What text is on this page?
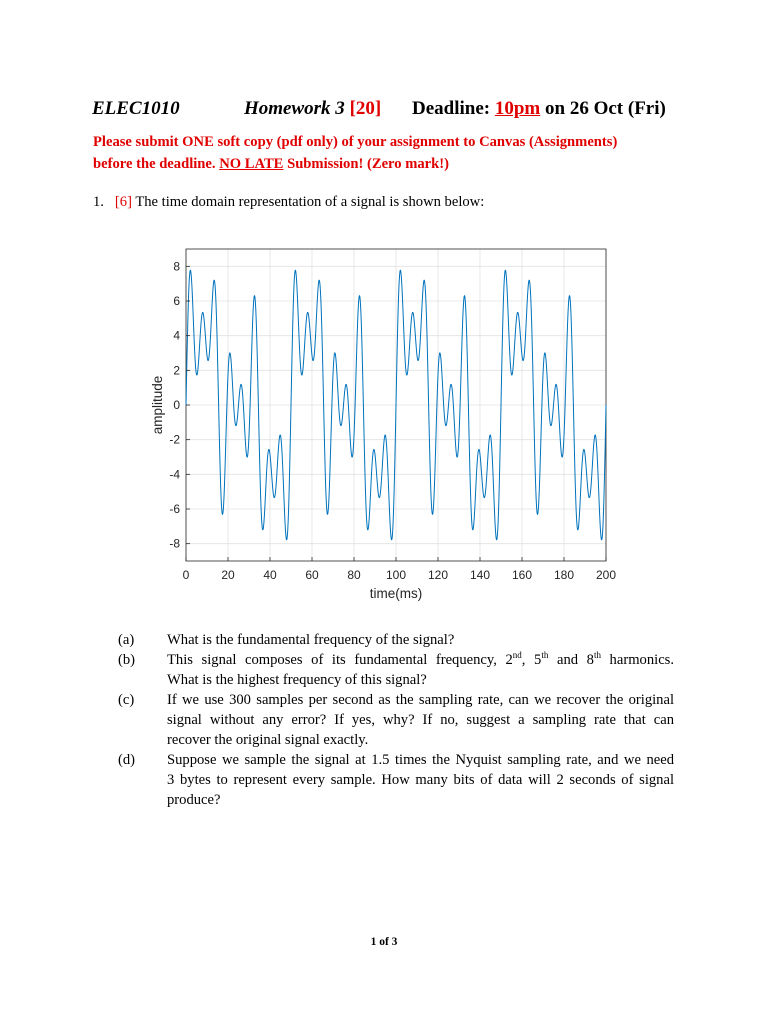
ELEC1010	Homework 3 [20] Deadline: 10pm on 26 Oct (Fri)
Please submit ONE soft copy (pdf only) of your assignment to Canvas (Assignments)
before the deadline. NO LATE Submission! (Zero mark!)
1. [6] The time domain representation of a signal is shown below:
0	20 40 60 80 100 120 140 160 180 200
8
6
4
2
0
-2
-4
-6
-8
time(ms)
amplitude
(a) What is the fundamental frequency of the signal?
(b) This signal composes of its fundamental frequency, 2nd, 5th and 8th harmonics.
What is the highest frequency of this signal?
(c) If we use 300 samples per second as the sampling rate, can we recover the original
signal without any error? If yes, why? If no, suggest a sampling rate that can
recover the original signal exactly.
(d) Suppose we sample the signal at 1.5 times the Nyquist sampling rate, and we need
3 bytes to represent every sample. How many bits of data will 2 seconds of signal
produce?
1 of 3
